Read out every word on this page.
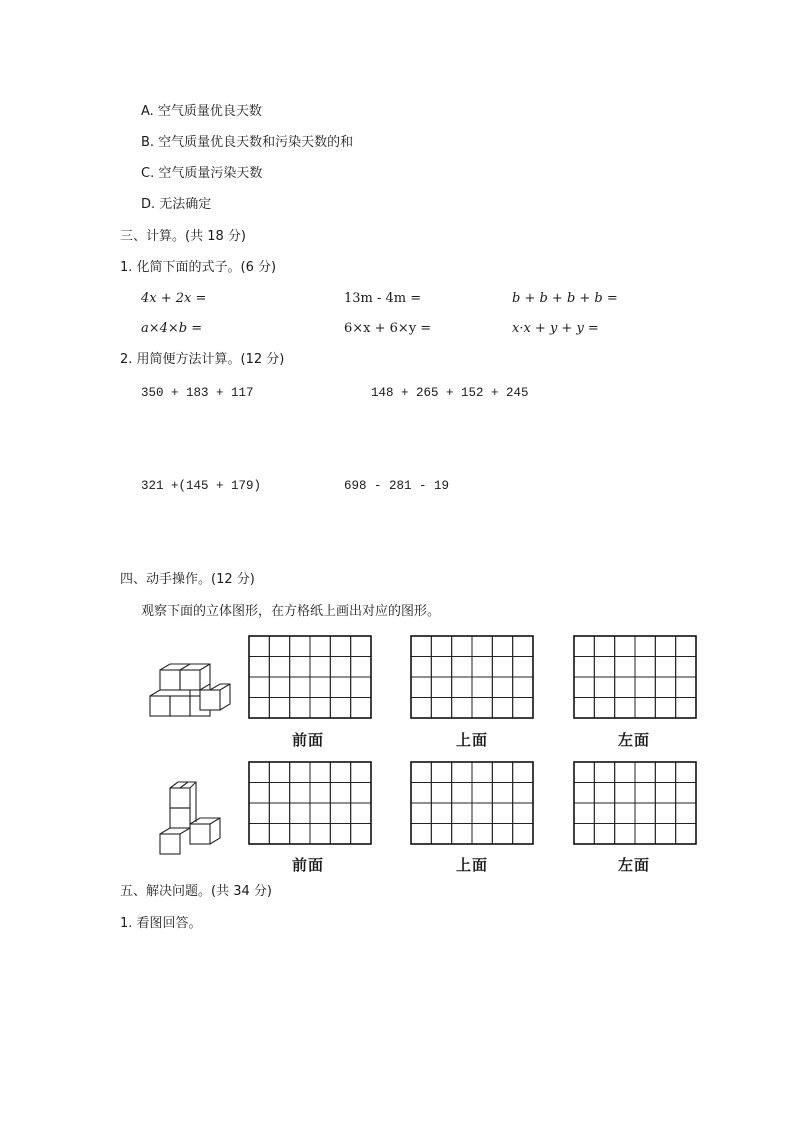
A. 空气质量优良天数
B. 空气质量优良天数和污染天数的和
C. 空气质量污染天数
D. 无法确定
三、计算。(共 18 分)
1. 化简下面的式子。(6 分)
4x + 2x =	13m - 4m =	b + b + b + b =
a×4×b =	6×x + 6×y =	x·x + y + y =
2. 用简便方法计算。(12 分)
350 + 183 + 117	148 + 265 + 152 + 245
321 +(145 + 179)	698 - 281 - 19
四、动手操作。(12 分)
观察下面的立体图形，在方格纸上画出对应的图形。
前面	上面	左面
前面	上面	左面
五、解决问题。(共 34 分)
1. 看图回答。
